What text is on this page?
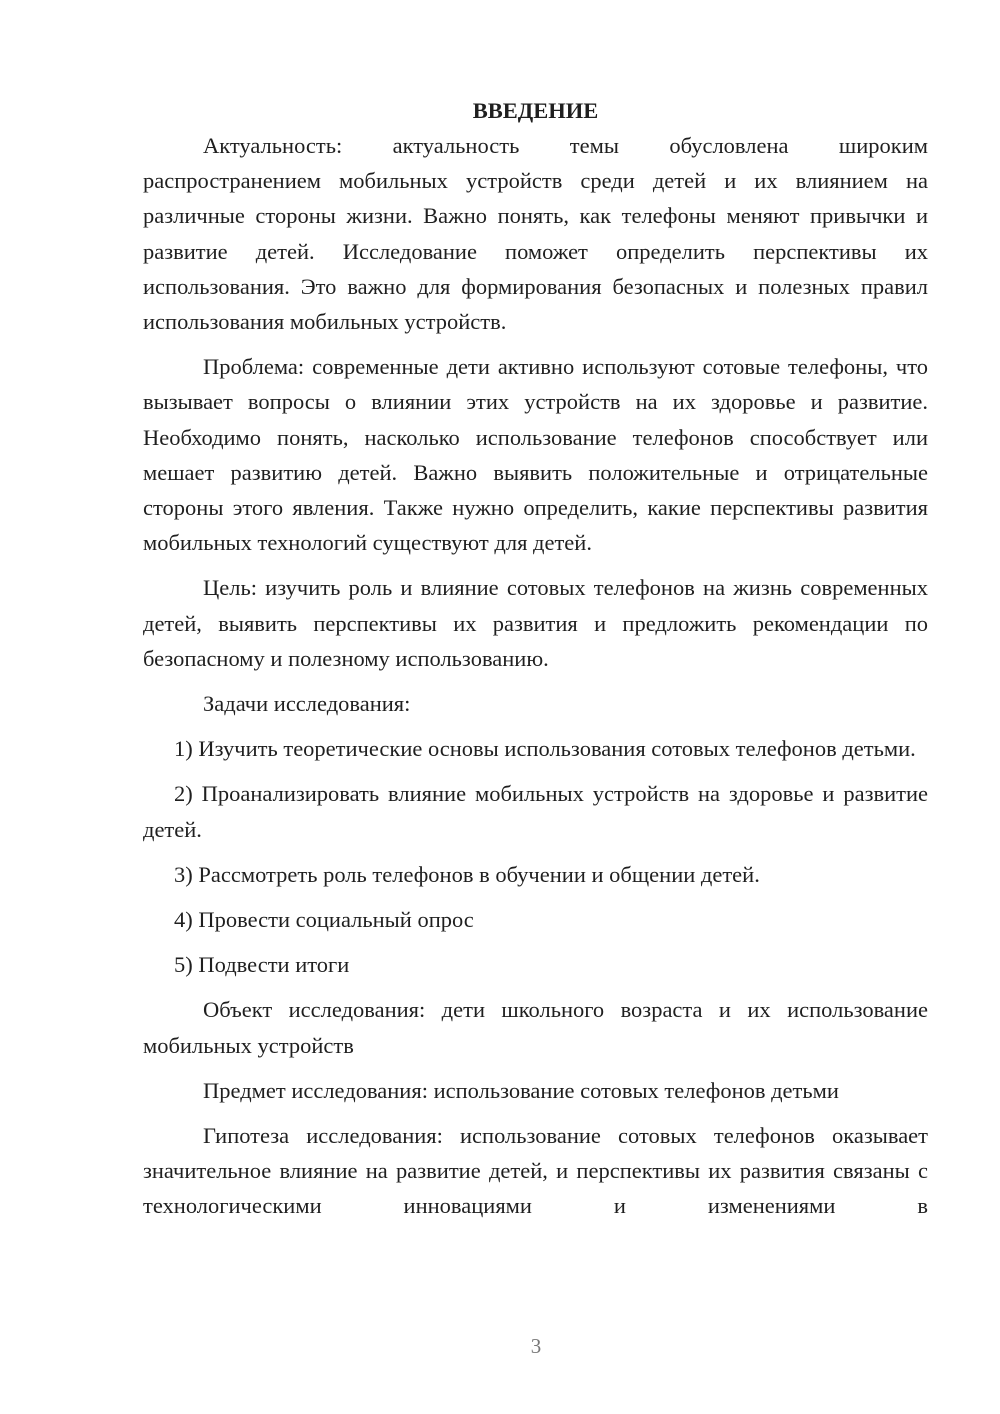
ВВЕДЕНИЕ

Актуальность: актуальность темы обусловлена широким распространением мобильных устройств среди детей и их влиянием на различные стороны жизни. Важно понять, как телефоны меняют привычки и развитие детей. Исследование поможет определить перспективы их использования. Это важно для формирования безопасных и полезных правил использования мобильных устройств.

Проблема: современные дети активно используют сотовые телефоны, что вызывает вопросы о влиянии этих устройств на их здоровье и развитие. Необходимо понять, насколько использование телефонов способствует или мешает развитию детей. Важно выявить положительные и отрицательные стороны этого явления. Также нужно определить, какие перспективы развития мобильных технологий существуют для детей.

Цель: изучить роль и влияние сотовых телефонов на жизнь современных детей, выявить перспективы их развития и предложить рекомендации по безопасному и полезному использованию.

Задачи исследования:

1) Изучить теоретические основы использования сотовых телефонов детьми.

2) Проанализировать влияние мобильных устройств на здоровье и развитие детей.

3) Рассмотреть роль телефонов в обучении и общении детей.

4) Провести социальный опрос

5) Подвести итоги

Объект исследования: дети школьного возраста и их использование мобильных устройств

Предмет исследования: использование сотовых телефонов детьми

Гипотеза исследования: использование сотовых телефонов оказывает значительное влияние на развитие детей, и перспективы их развития связаны с технологическими инновациями и изменениями в

3
